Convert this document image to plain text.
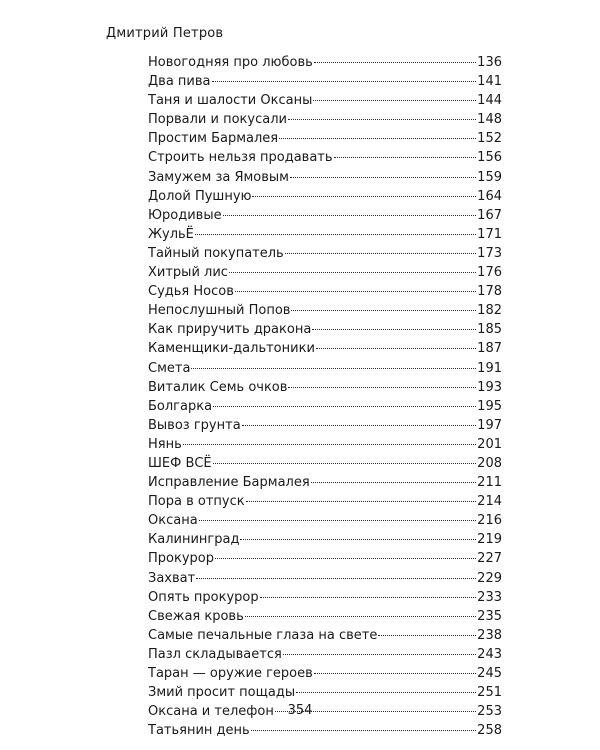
Дмитрий Петров
Новогодняя про любовь	136
Два пива	141
Таня и шалости Оксаны	144
Порвали и покусали	148
Простим Бармалея	152
Строить нельзя продавать	156
Замужем за Ямовым	159
Долой Пушную	164
Юродивые	167
ЖульЁ	171
Тайный покупатель	173
Хитрый лис	176
Судья Носов	178
Непослушный Попов	182
Как приручить дракона	185
Каменщики-дальтоники	187
Смета	191
Виталик Семь очков	193
Болгарка	195
Вывоз грунта	197
Нянь	201
ШЕФ ВСЁ	208
Исправление Бармалея	211
Пора в отпуск	214
Оксана	216
Калининград	219
Прокурор	227
Захват	229
Опять прокурор	233
Свежая кровь	235
Самые печальные глаза на свете	238
Пазл складывается	243
Таран — оружие героев	245
Змий просит пощады	251
Оксана и телефон	253
Татьянин день	258
354
